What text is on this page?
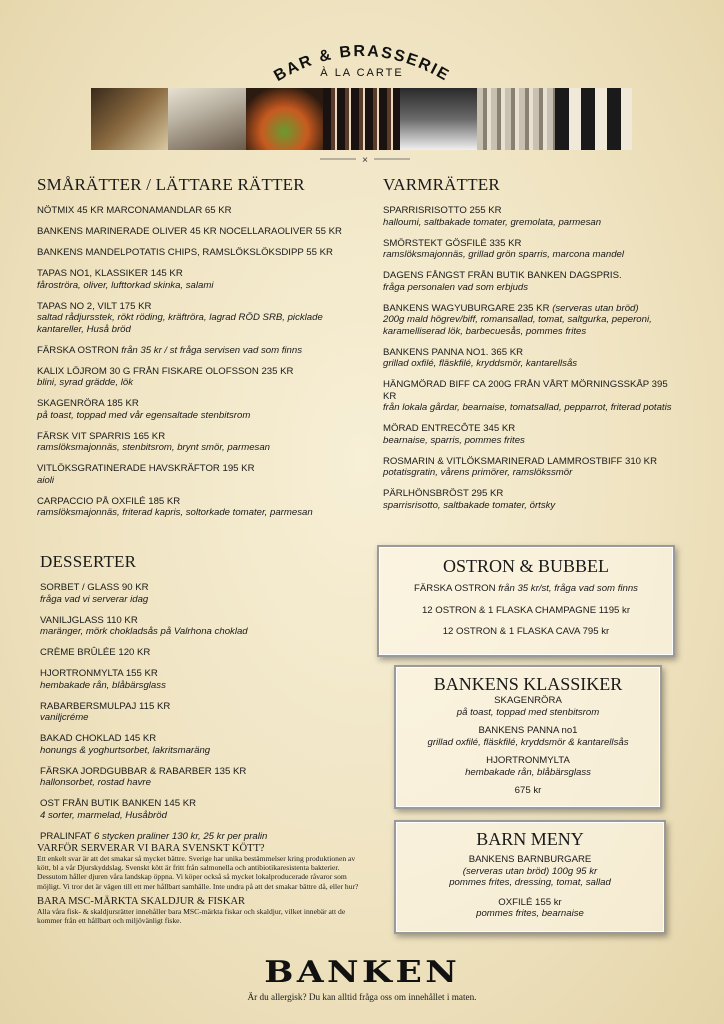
BAR & BRASSERIE
À LA CARTE
×
SMÅRÄTTER / LÄTTARE RÄTTER
NÖTMIX 45 KR MARCONAMANDLAR 65 KR
BANKENS MARINERADE OLIVER 45 KR NOCELLARAOLIVER 55 KR
BANKENS MANDELPOTATIS CHIPS, RAMSLÖKSLÖKSDIPP 55 KR
TAPAS NO1, KLASSIKER 145 KR
fåroströra, oliver, lufttorkad skinka, salami
TAPAS NO 2, VILT 175 KR
saltad rådjursstek, rökt röding, kräftröra, lagrad RÖD SRB, picklade kantareller, Huså bröd
FÄRSKA OSTRON från 35 kr / st fråga servisen vad som finns
KALIX LÖJROM 30 G FRÅN FISKARE OLOFSSON 235 KR
blini, syrad grädde, lök
SKAGENRÖRA 185 KR
på toast, toppad med vår egensaltade stenbitsrom
FÄRSK VIT SPARRIS 165 KR
ramslöksmajonnäs, stenbitsrom, brynt smör, parmesan
VITLÖKSGRATINERADE HAVSKRÄFTOR 195 KR
aioli
CARPACCIO PÅ OXFILÉ 185 KR
ramslöksmajonnäs, friterad kapris, soltorkade tomater, parmesan
DESSERTER
SORBET / GLASS 90 KR
fråga vad vi serverar idag
VANILJGLASS 110 KR
maränger, mörk chokladsås på Valrhona choklad
CRÈME BRÛLÉE 120 KR
HJORTRONMYLTA 155 KR
hembakade rån, blåbärsglass
RABARBERSMULPAJ 115 KR
vaniljcréme
BAKAD CHOKLAD 145 KR
honungs & yoghurtsorbet, lakritsmaräng
FÄRSKA JORDGUBBAR & RABARBER 135 KR
hallonsorbet, rostad havre
OST FRÅN BUTIK BANKEN 145 KR
4 sorter, marmelad, Husåbröd
PRALINFAT 6 stycken praliner 130 kr, 25 kr per pralin
VARFÖR SERVERAR VI BARA SVENSKT KÖTT?
Ett enkelt svar är att det smakar så mycket bättre. Sverige har unika bestämmelser kring produktionen av kött, bl a vår Djurskyddslag. Svenskt kött är fritt från salmonella och antibiotikaresistenta bakterier. Dessutom håller djuren våra landskap öppna. Vi köper också så mycket lokalproducerade råvaror som möjligt. Vi tror det är vägen till ett mer hållbart samhälle. Inte undra på att det smakar bättre då, eller hur?
BARA MSC-MÄRKTA SKALDJUR & FISKAR
Alla våra fisk- & skaldjursrätter innehåller bara MSC-märkta fiskar och skaldjur, vilket innebär att de kommer från ett hållbart och miljövänligt fiske.
VARMRÄTTER
SPARRISRISOTTO 255 KR
halloumi, saltbakade tomater, gremolata, parmesan
SMÖRSTEKT GÖSFILÉ 335 KR
ramslöksmajonnäs, grillad grön sparris, marcona mandel
DAGENS FÅNGST FRÅN BUTIK BANKEN DAGSPRIS.
fråga personalen vad som erbjuds
BANKENS WAGYUBURGARE 235 KR (serveras utan bröd)
200g mald högrev/biff, romansallad, tomat, saltgurka, peperoni, karamelliserad lök, barbecuesås, pommes frites
BANKENS PANNA NO1. 365 KR
grillad oxfilé, fläskfilé, kryddsmör, kantarellsås
HÄNGMÖRAD BIFF CA 200G FRÅN VÅRT MÖRNINGSSKÅP 395 KR
från lokala gårdar, bearnaise, tomatsallad, pepparrot, friterad potatis
MÖRAD ENTRECÔTE 345 KR
bearnaise, sparris, pommes frites
ROSMARIN & VITLÖKSMARINERAD LAMMROSTBIFF 310 KR
potatisgratin, vårens primörer, ramslökssmör
PÄRLHÖNSBRÖST 295 KR
sparrisrisotto, saltbakade tomater, örtsky
OSTRON & BUBBEL
FÄRSKA OSTRON från 35 kr/st, fråga vad som finns
12 OSTRON & 1 FLASKA CHAMPAGNE 1195 kr
12 OSTRON & 1 FLASKA CAVA 795 kr
BANKENS KLASSIKER
SKAGENRÖRA
på toast, toppad med stenbitsrom
BANKENS PANNA no1
grillad oxfilé, fläskfilé, kryddsmör & kantarellsås
HJORTRONMYLTA
hembakade rån, blåbärsglass
675 kr
BARN MENY
BANKENS BARNBURGARE
(serveras utan bröd) 100g 95 kr
pommes frites, dressing, tomat, sallad
OXFILÉ 155 kr
pommes frites, bearnaise
BANKEN
Är du allergisk? Du kan alltid fråga oss om innehållet i maten.
